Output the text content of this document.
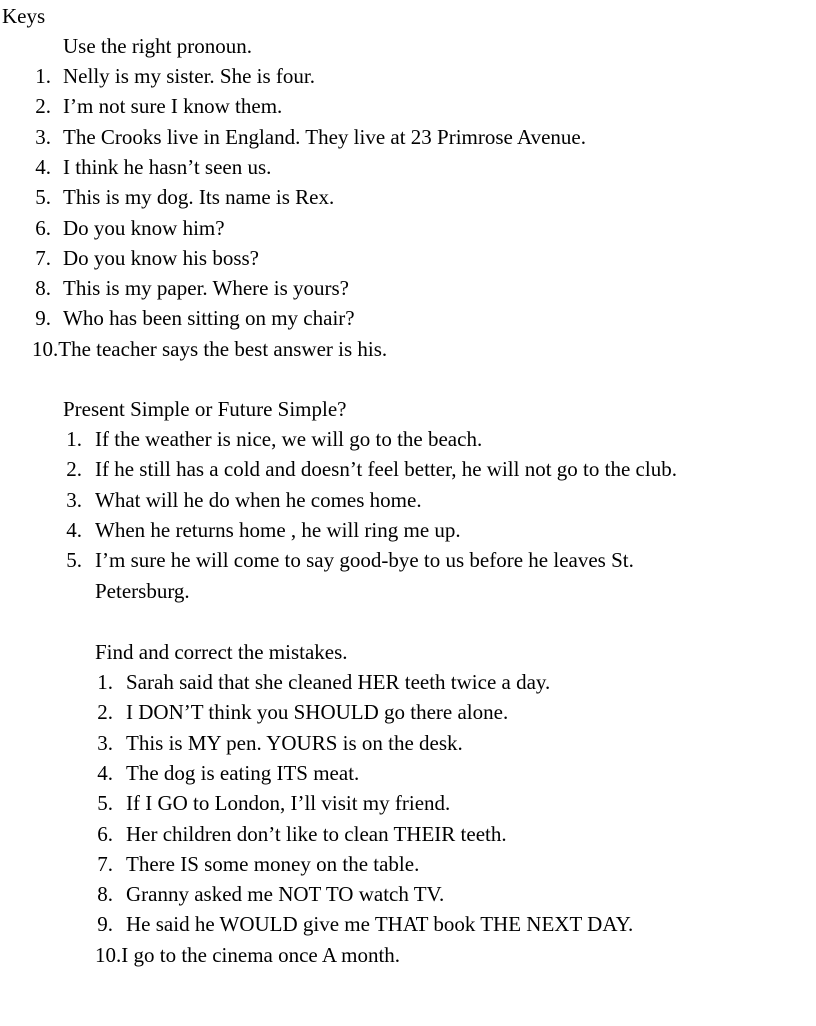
Keys
Use the right pronoun.
1. Nelly is my sister. She is four.
2. I’m not sure I know them.
3. The Crooks live in England. They live at 23 Primrose Avenue.
4. I think he hasn’t seen us.
5. This is my dog. Its name is Rex.
6. Do you know him?
7. Do you know his boss?
8. This is my paper. Where is yours?
9. Who has been sitting on my chair?
10. The teacher says the best answer is his.
Present Simple or Future Simple?
1. If the weather is nice, we will go to the beach.
2. If he still has a cold and doesn’t feel better, he will not go to the club.
3. What will he do when he comes home.
4. When he returns home , he will ring me up.
5. I’m sure he will come to say good-bye to us before he leaves St.
Petersburg.
Find and correct the mistakes.
1. Sarah said that she cleaned HER teeth twice a day.
2. I DON’T think you SHOULD go there alone.
3. This is MY pen. YOURS is on the desk.
4. The dog is eating ITS meat.
5. If I GO to London, I’ll visit my friend.
6. Her children don’t like to clean THEIR teeth.
7. There IS some money on the table.
8. Granny asked me NOT TO watch TV.
9. He said he WOULD give me THAT book THE NEXT DAY.
10. I go to the cinema once A month.
